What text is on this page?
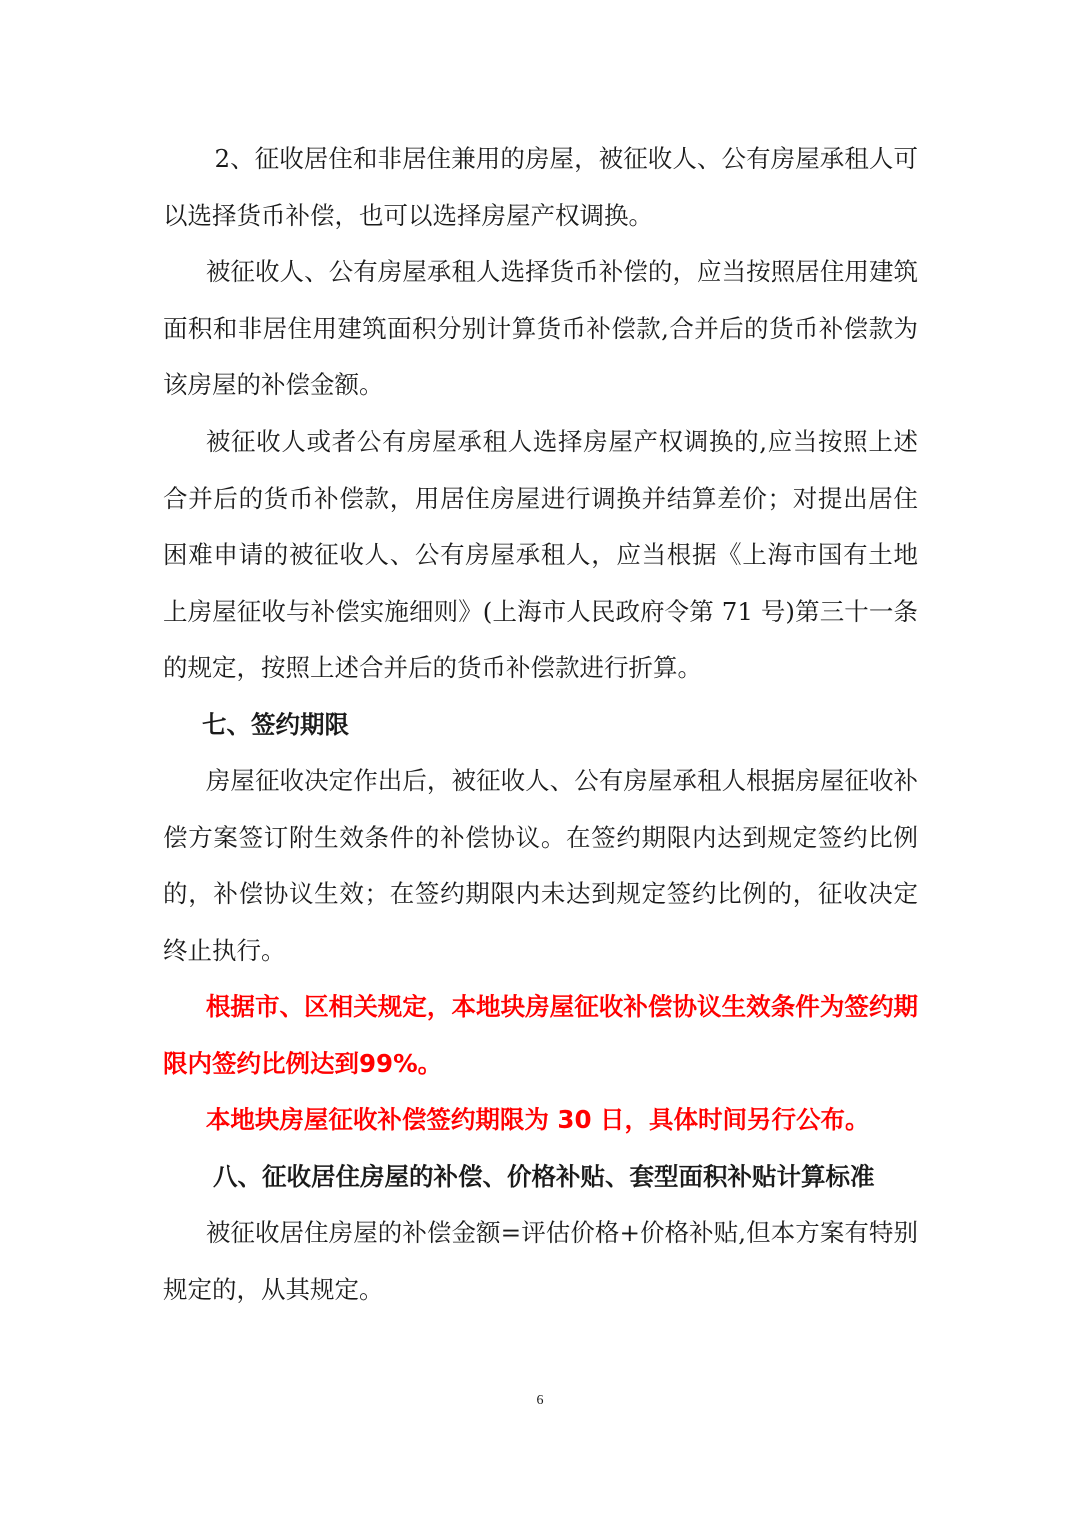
2、征收居住和非居住兼用的房屋，被征收人、公有房屋承租人可以选择货币补偿，也可以选择房屋产权调换。

被征收人、公有房屋承租人选择货币补偿的，应当按照居住用建筑面积和非居住用建筑面积分别计算货币补偿款,合并后的货币补偿款为该房屋的补偿金额。

被征收人或者公有房屋承租人选择房屋产权调换的,应当按照上述合并后的货币补偿款，用居住房屋进行调换并结算差价；对提出居住困难申请的被征收人、公有房屋承租人，应当根据《上海市国有土地上房屋征收与补偿实施细则》(上海市人民政府令第 71 号)第三十一条的规定，按照上述合并后的货币补偿款进行折算。

七、签约期限

房屋征收决定作出后，被征收人、公有房屋承租人根据房屋征收补偿方案签订附生效条件的补偿协议。在签约期限内达到规定签约比例的，补偿协议生效；在签约期限内未达到规定签约比例的，征收决定终止执行。

根据市、区相关规定，本地块房屋征收补偿协议生效条件为签约期限内签约比例达到99%。

本地块房屋征收补偿签约期限为 30 日，具体时间另行公布。

八、征收居住房屋的补偿、价格补贴、套型面积补贴计算标准

被征收居住房屋的补偿金额=评估价格+价格补贴,但本方案有特别规定的，从其规定。

6
